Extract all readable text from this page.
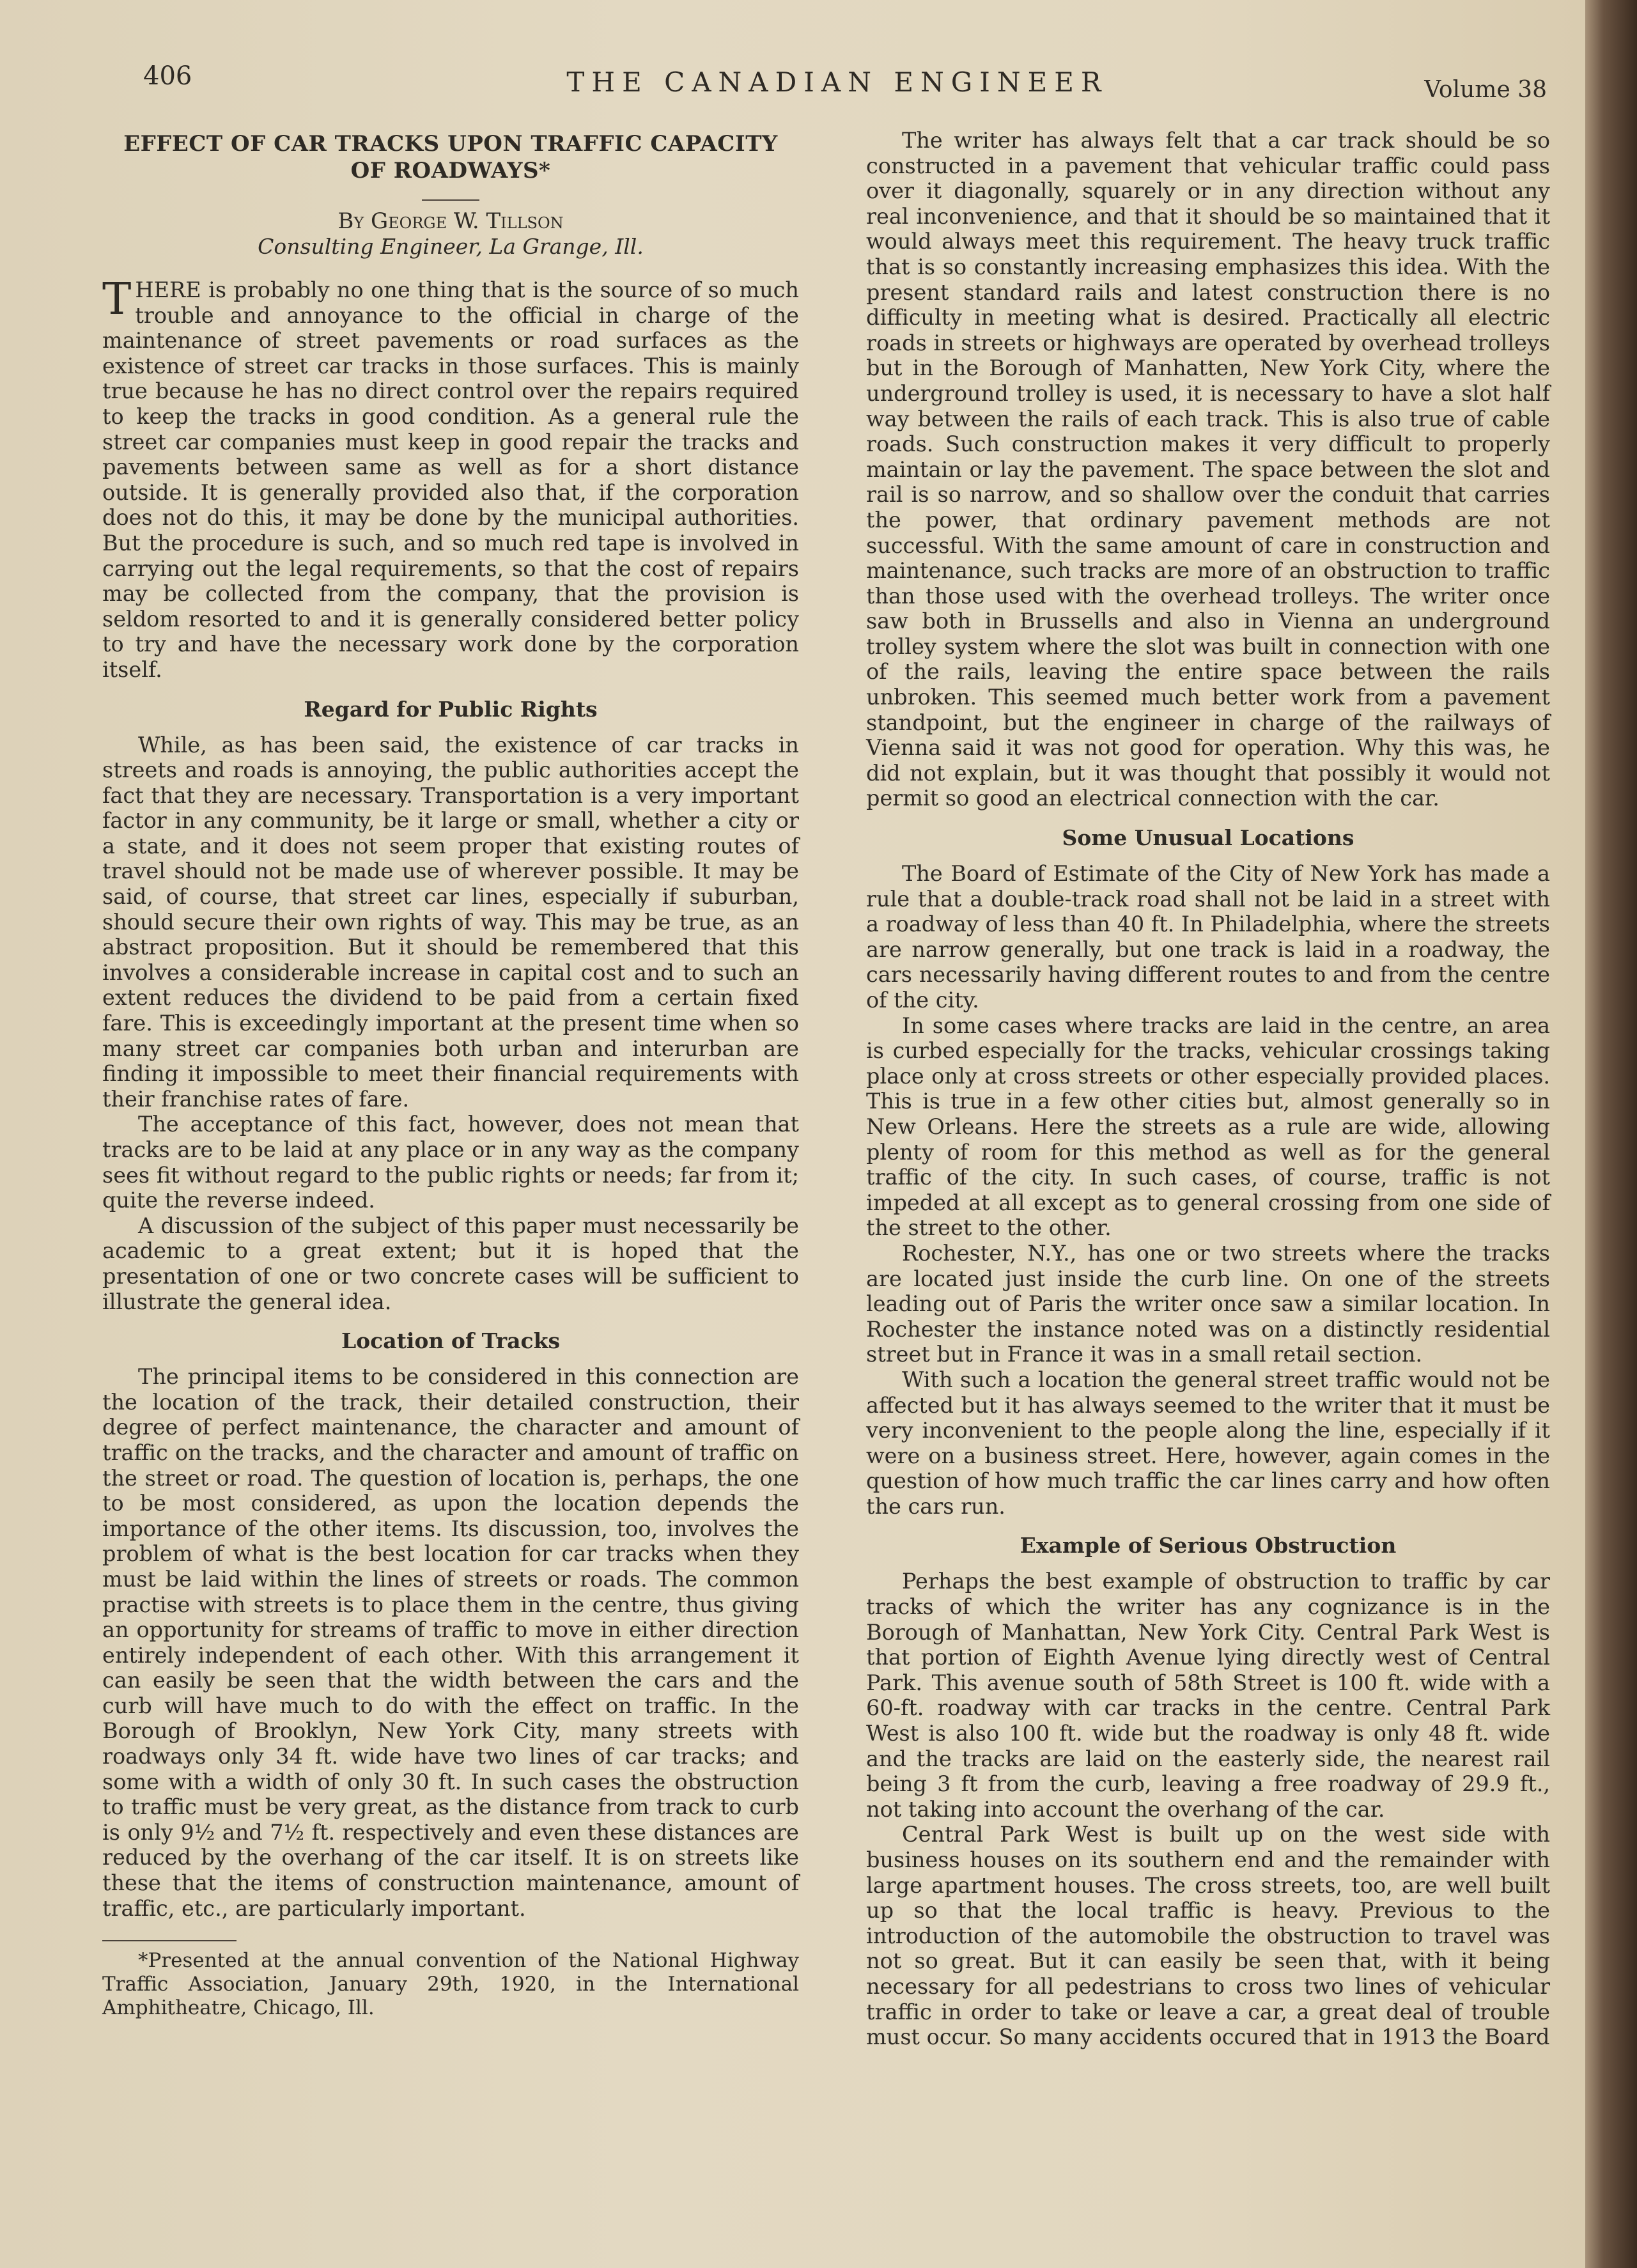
406	THE CANADIAN ENGINEER	Volume 38
EFFECT OF CAR TRACKS UPON TRAFFIC CAPACITY
OF ROADWAYS*
By George W. Tillson
Consulting Engineer, La Grange, Ill.

THERE is probably no one thing that is the source of so much trouble and annoyance to the official in charge of the maintenance of street pavements or road surfaces as the existence of street car tracks in those surfaces. This is mainly true because he has no direct control over the repairs required to keep the tracks in good condition. As a general rule the street car companies must keep in good repair the tracks and pavements between same as well as for a short distance outside. It is generally provided also that, if the corporation does not do this, it may be done by the municipal authorities. But the procedure is such, and so much red tape is involved in carrying out the legal requirements, so that the cost of repairs may be collected from the company, that the provision is seldom resorted to and it is generally considered better policy to try and have the necessary work done by the corporation itself.

Regard for Public Rights

While, as has been said, the existence of car tracks in streets and roads is annoying, the public authorities accept the fact that they are necessary. Transportation is a very important factor in any community, be it large or small, whether a city or a state, and it does not seem proper that existing routes of travel should not be made use of wherever possible. It may be said, of course, that street car lines, especially if suburban, should secure their own rights of way. This may be true, as an abstract proposition. But it should be remembered that this involves a considerable increase in capital cost and to such an extent reduces the dividend to be paid from a certain fixed fare. This is exceedingly important at the present time when so many street car companies both urban and interurban are finding it impossible to meet their financial requirements with their franchise rates of fare.

The acceptance of this fact, however, does not mean that tracks are to be laid at any place or in any way as the company sees fit without regard to the public rights or needs; far from it; quite the reverse indeed.

A discussion of the subject of this paper must necessarily be academic to a great extent; but it is hoped that the presentation of one or two concrete cases will be sufficient to illustrate the general idea.

Location of Tracks

The principal items to be considered in this connection are the location of the track, their detailed construction, their degree of perfect maintenance, the character and amount of traffic on the tracks, and the character and amount of traffic on the street or road. The question of location is, perhaps, the one to be most considered, as upon the location depends the importance of the other items. Its discussion, too, involves the problem of what is the best location for car tracks when they must be laid within the lines of streets or roads. The common practise with streets is to place them in the centre, thus giving an opportunity for streams of traffic to move in either direction entirely independent of each other. With this arrangement it can easily be seen that the width between the cars and the curb will have much to do with the effect on traffic. In the Borough of Brooklyn, New York City, many streets with roadways only 34 ft. wide have two lines of car tracks; and some with a width of only 30 ft. In such cases the obstruction to traffic must be very great, as the distance from track to curb is only 9½ and 7½ ft. respectively and even these distances are reduced by the overhang of the car itself. It is on streets like these that the items of construction maintenance, amount of traffic, etc., are particularly important.

*Presented at the annual convention of the National Highway Traffic Association, January 29th, 1920, in the International Amphitheatre, Chicago, Ill.

The writer has always felt that a car track should be so constructed in a pavement that vehicular traffic could pass over it diagonally, squarely or in any direction without any real inconvenience, and that it should be so maintained that it would always meet this requirement. The heavy truck traffic that is so constantly increasing emphasizes this idea. With the present standard rails and latest construction there is no difficulty in meeting what is desired. Practically all electric roads in streets or highways are operated by overhead trolleys but in the Borough of Manhatten, New York City, where the underground trolley is used, it is necessary to have a slot half way between the rails of each track. This is also true of cable roads. Such construction makes it very difficult to properly maintain or lay the pavement. The space between the slot and rail is so narrow, and so shallow over the conduit that carries the power, that ordinary pavement methods are not successful. With the same amount of care in construction and maintenance, such tracks are more of an obstruction to traffic than those used with the overhead trolleys. The writer once saw both in Brussells and also in Vienna an underground trolley system where the slot was built in connection with one of the rails, leaving the entire space between the rails unbroken. This seemed much better work from a pavement standpoint, but the engineer in charge of the railways of Vienna said it was not good for operation. Why this was, he did not explain, but it was thought that possibly it would not permit so good an electrical connection with the car.

Some Unusual Locations

The Board of Estimate of the City of New York has made a rule that a double-track road shall not be laid in a street with a roadway of less than 40 ft. In Philadelphia, where the streets are narrow generally, but one track is laid in a roadway, the cars necessarily having different routes to and from the centre of the city.

In some cases where tracks are laid in the centre, an area is curbed especially for the tracks, vehicular crossings taking place only at cross streets or other especially provided places. This is true in a few other cities but, almost generally so in New Orleans. Here the streets as a rule are wide, allowing plenty of room for this method as well as for the general traffic of the city. In such cases, of course, traffic is not impeded at all except as to general crossing from one side of the street to the other.

Rochester, N.Y., has one or two streets where the tracks are located just inside the curb line. On one of the streets leading out of Paris the writer once saw a similar location. In Rochester the instance noted was on a distinctly residential street but in France it was in a small retail section.

With such a location the general street traffic would not be affected but it has always seemed to the writer that it must be very inconvenient to the people along the line, especially if it were on a business street. Here, however, again comes in the question of how much traffic the car lines carry and how often the cars run.

Example of Serious Obstruction

Perhaps the best example of obstruction to traffic by car tracks of which the writer has any cognizance is in the Borough of Manhattan, New York City. Central Park West is that portion of Eighth Avenue lying directly west of Central Park. This avenue south of 58th Street is 100 ft. wide with a 60-ft. roadway with car tracks in the centre. Central Park West is also 100 ft. wide but the roadway is only 48 ft. wide and the tracks are laid on the easterly side, the nearest rail being 3 ft from the curb, leaving a free roadway of 29.9 ft., not taking into account the overhang of the car.

Central Park West is built up on the west side with business houses on its southern end and the remainder with large apartment houses. The cross streets, too, are well built up so that the local traffic is heavy. Previous to the introduction of the automobile the obstruction to travel was not so great. But it can easily be seen that, with it being necessary for all pedestrians to cross two lines of vehicular traffic in order to take or leave a car, a great deal of trouble must occur. So many accidents occured that in 1913 the Board
